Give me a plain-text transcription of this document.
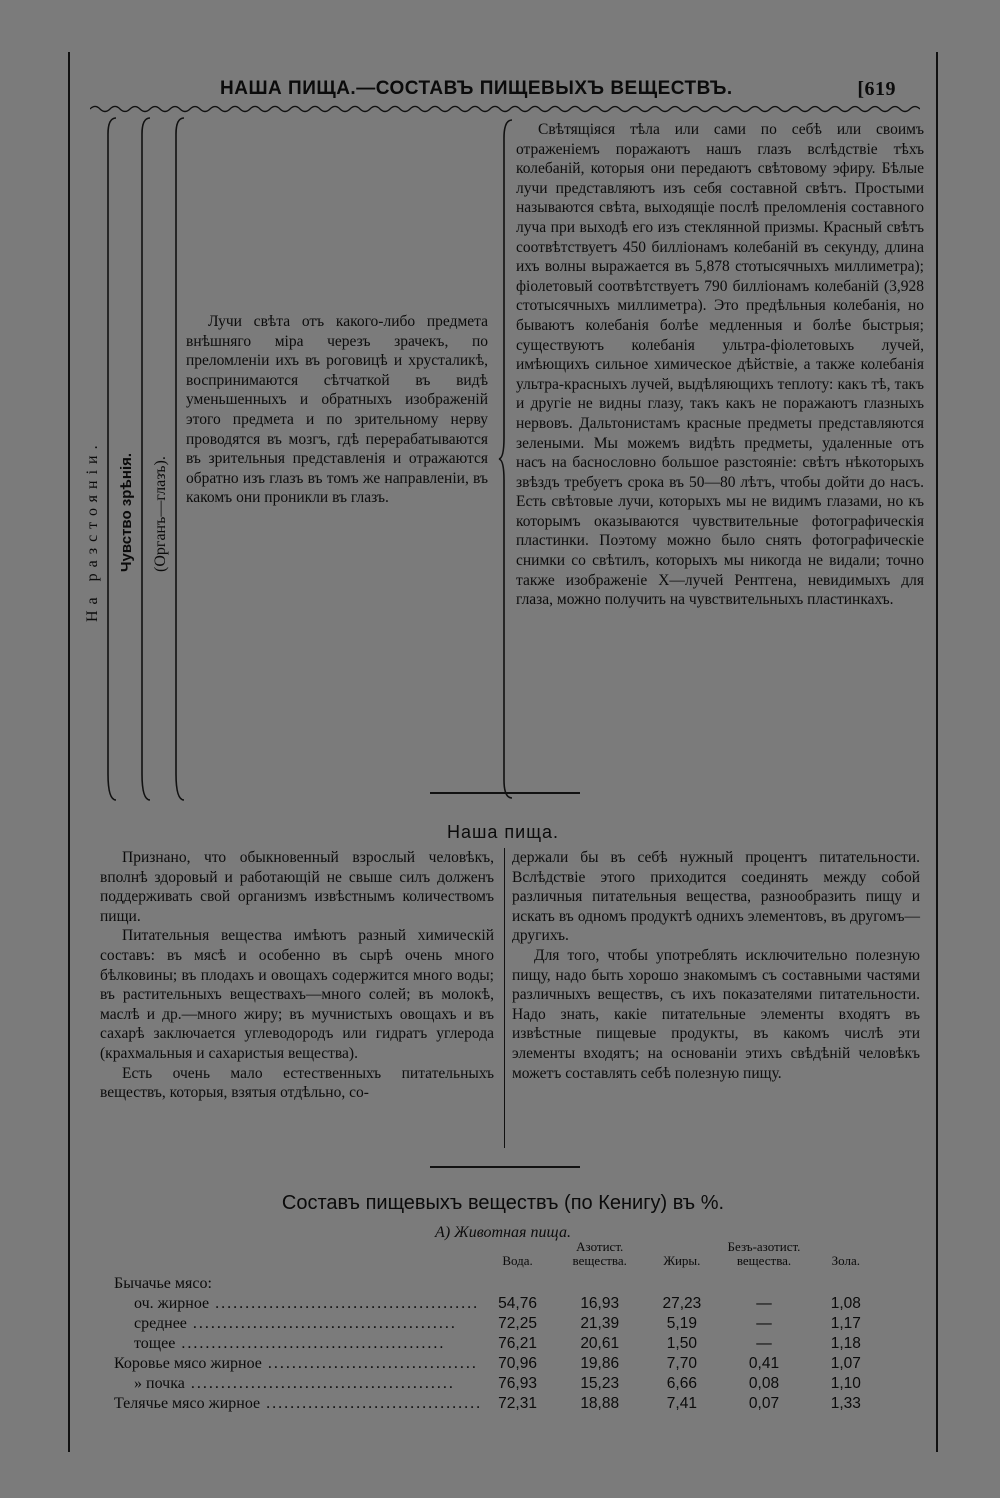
НАША ПИЩА.—СОСТАВЪ ПИЩЕВЫХЪ ВЕЩЕСТВЪ.	[619
На разстояніи. Чувство зрѣнія. (Органъ—глазъ).

Лучи свѣта отъ какого-либо предмета внѣшняго міра черезъ зрачекъ, по преломленіи ихъ въ роговицѣ и хрусталикѣ, воспринимаются сѣтчаткой въ видѣ уменьшенныхъ и обратныхъ изображеній этого предмета и по зрительному нерву проводятся въ мозгъ, гдѣ перерабатываются въ зрительныя представленія и отражаются обратно изъ глазъ въ томъ же направленіи, въ какомъ они проникли въ глазъ.

Свѣтящіяся тѣла или сами по себѣ или своимъ отраженіемъ поражаютъ нашъ глазъ вслѣдствіе тѣхъ колебаній, которыя они передаютъ свѣтовому эфиру. Бѣлые лучи представляютъ изъ себя составной свѣтъ. Простыми называются свѣта, выходящіе послѣ преломленія составного луча при выходѣ его изъ стеклянной призмы. Красный свѣтъ соотвѣтствуетъ 450 билліонамъ колебаній въ секунду, длина ихъ волны выражается въ 5,878 стотысячныхъ миллиметра); фіолетовый соотвѣтствуетъ 790 билліонамъ колебаній (3,928 стотысячныхъ миллиметра). Это предѣльныя колебанія, но бываютъ колебанія болѣе медленныя и болѣе быстрыя; существуютъ колебанія ультра-фіолетовыхъ лучей, имѣющихъ сильное химическое дѣйствіе, а также колебанія ультра-красныхъ лучей, выдѣляющихъ теплоту: какъ тѣ, такъ и другіе не видны глазу, такъ какъ не поражаютъ глазныхъ нервовъ. Дальтонистамъ красные предметы представляются зелеными. Мы можемъ видѣть предметы, удаленные отъ насъ на баснословно большое разстояніе: свѣтъ нѣкоторыхъ звѣздъ требуетъ срока въ 50—80 лѣтъ, чтобы дойти до насъ. Есть свѣтовые лучи, которыхъ мы не видимъ глазами, но къ которымъ оказываются чувствительные фотографическія пластинки. Поэтому можно было снять фотографическіе снимки со свѣтилъ, которыхъ мы никогда не видали; точно также изображеніе X—лучей Рентгена, невидимыхъ для глаза, можно получить на чувствительныхъ пластинкахъ.

Наша пища.

Признано, что обыкновенный взрослый человѣкъ, вполнѣ здоровый и работающій не свыше силъ долженъ поддерживать свой организмъ извѣстнымъ количествомъ пищи.

Питательныя вещества имѣютъ разный химическій составъ: въ мясѣ и особенно въ сырѣ очень много бѣлковины; въ плодахъ и овощахъ содержится много воды; въ растительныхъ веществахъ—много солей; въ молокѣ, маслѣ и др.—много жиру; въ мучнистыхъ овощахъ и въ сахарѣ заключается углеводородъ или гидратъ углерода (крахмальныя и сахаристыя вещества).

Есть очень мало естественныхъ питательныхъ веществъ, которыя, взятыя отдѣльно, со-

держали бы въ себѣ нужный процентъ питательности. Вслѣдствіе этого приходится соединять между собой различныя питательныя вещества, разнообразить пищу и искать въ одномъ продуктѣ одниxъ элементовъ, въ другомъ—другихъ.

Для того, чтобы употреблять исключительно полезную пищу, надо быть хорошо знакомымъ съ составными частями различныхъ веществъ, съ ихъ показателями питательности. Надо знать, какіе питательные элементы входятъ въ извѣстные пищевые продукты, въ какомъ числѣ эти элементы входятъ; на основаніи этихъ свѣдѣній человѣкъ можетъ составлять себѣ полезную пищу.

Составъ пищевыхъ веществъ (по Кенигу) въ %.
А) Животная пища.
	Вода.	Азотист. вещества.	Жиры.	Безъ-азотист. вещества.	Зола.
Бычачье мясо:					
оч. жирное .....	54,76	16,93	27,23	—	1,08
среднее .....	72,25	21,39	5,19	—	1,17
тощее .....	76,21	20,61	1,50	—	1,18
Коровье мясо жирное .....	70,96	19,86	7,70	0,41	1,07
» почка .....	76,93	15,23	6,66	0,08	1,10
Телячье мясо жирное .....	72,31	18,88	7,41	0,07	1,33
